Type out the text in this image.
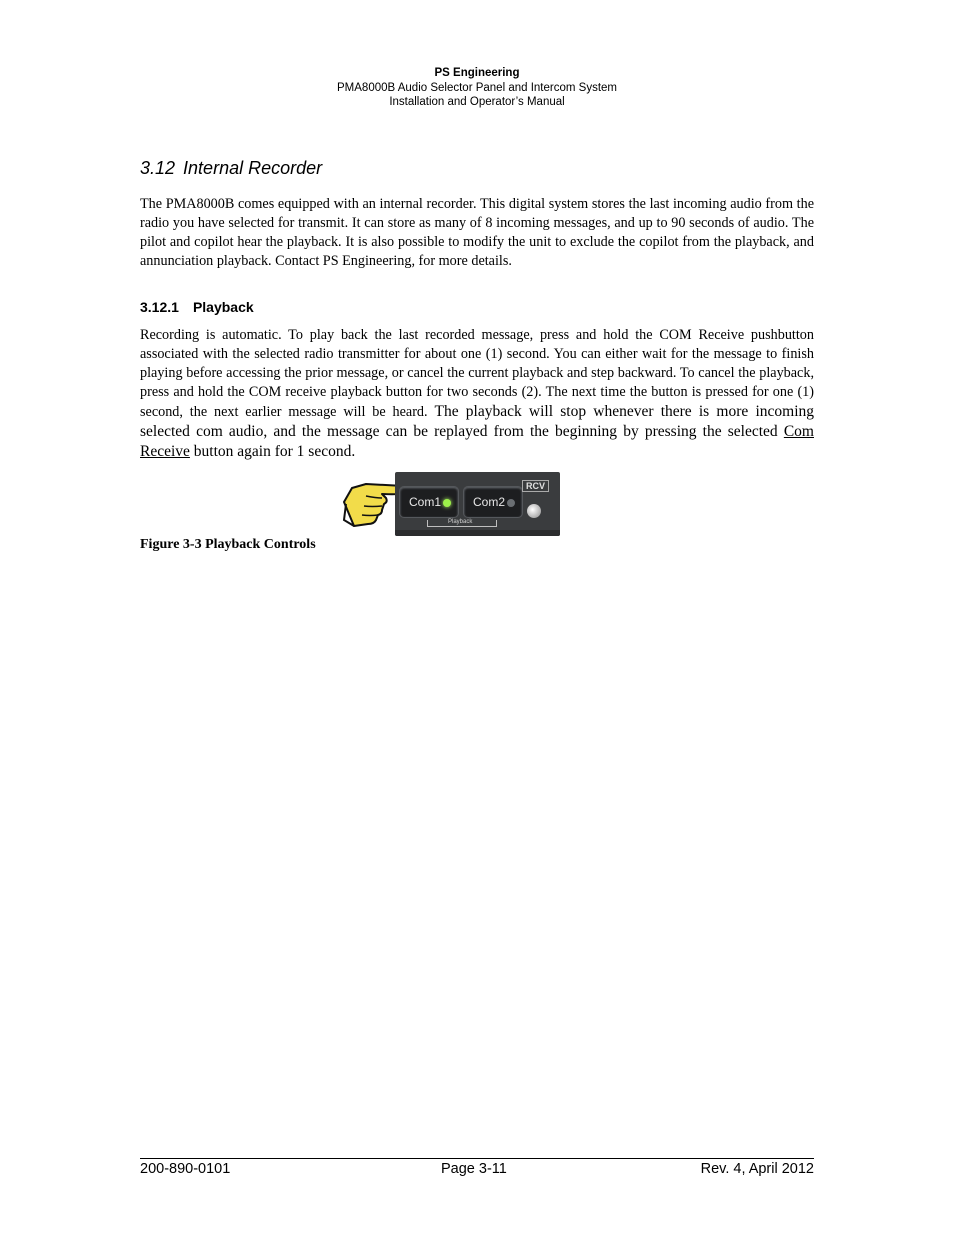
PS Engineering
PMA8000B Audio Selector Panel and Intercom System
Installation and Operator’s Manual
3.12 Internal Recorder
The PMA8000B comes equipped with an internal recorder. This digital system stores the last incoming audio from the radio you have selected for transmit. It can store as many of 8 incoming messages, and up to 90 seconds of audio. The pilot and copilot hear the playback. It is also possible to modify the unit to exclude the copilot from the playback, and annunciation playback. Contact PS Engineering, for more details.
3.12.1 Playback
Recording is automatic. To play back the last recorded message, press and hold the COM Receive pushbutton associated with the selected radio transmitter for about one (1) second. You can either wait for the message to finish playing before accessing the prior message, or cancel the current playback and step backward. To cancel the playback, press and hold the COM receive playback button for two seconds (2). The next time the button is pressed for one (1) second, the next earlier message will be heard. The playback will stop whenever there is more incoming selected com audio, and the message can be replayed from the beginning by pressing the selected Com Receive button again for 1 second.
Com1	Com2
Playback
RCV
Figure 3-3 Playback Controls
200-890-0101	Page 3-11	Rev. 4, April 2012
